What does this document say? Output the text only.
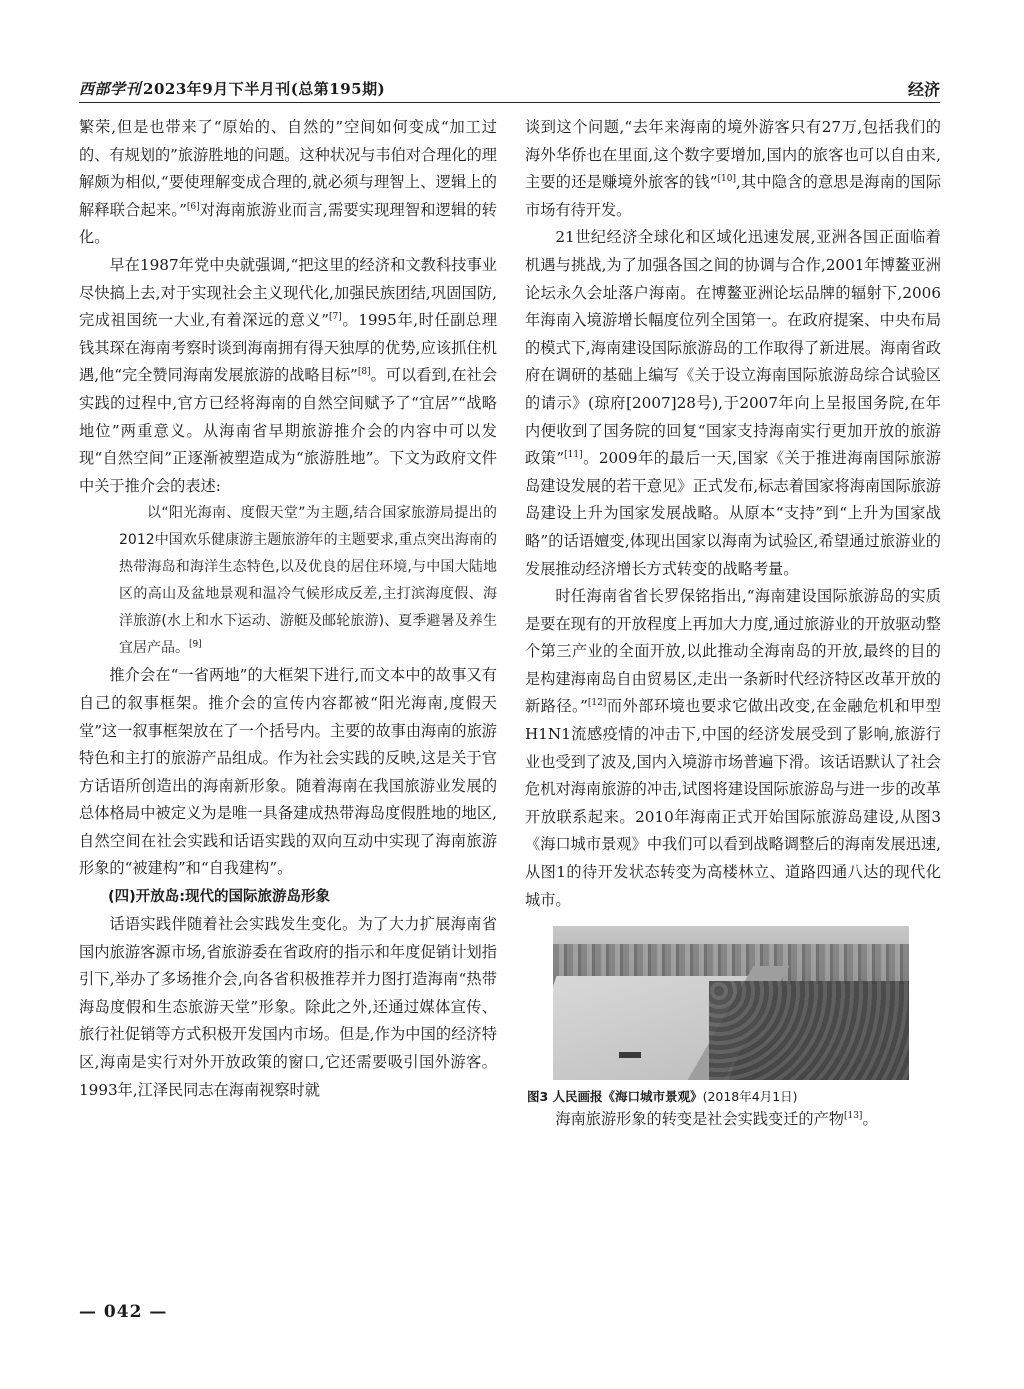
西部学刊 2023年9月下半月刊(总第195期)	经济

繁荣,但是也带来了“原始的、自然的”空间如何变成“加工过的、有规划的”旅游胜地的问题。这种状况与韦伯对合理化的理解颇为相似,“要使理解变成合理的,就必须与理智上、逻辑上的解释联合起来。”[6]对海南旅游业而言,需要实现理智和逻辑的转化。

早在1987年党中央就强调,“把这里的经济和文教科技事业尽快搞上去,对于实现社会主义现代化,加强民族团结,巩固国防,完成祖国统一大业,有着深远的意义”[7]。1995年,时任副总理钱其琛在海南考察时谈到海南拥有得天独厚的优势,应该抓住机遇,他“完全赞同海南发展旅游的战略目标”[8]。可以看到,在社会实践的过程中,官方已经将海南的自然空间赋予了“宜居”“战略地位”两重意义。从海南省早期旅游推介会的内容中可以发现“自然空间”正逐渐被塑造成为“旅游胜地”。下文为政府文件中关于推介会的表述:

以“阳光海南、度假天堂”为主题,结合国家旅游局提出的2012中国欢乐健康游主题旅游年的主题要求,重点突出海南的热带海岛和海洋生态特色,以及优良的居住环境,与中国大陆地区的高山及盆地景观和温冷气候形成反差,主打滨海度假、海洋旅游(水上和水下运动、游艇及邮轮旅游)、夏季避暑及养生宜居产品。[9]

推介会在“一省两地”的大框架下进行,而文本中的故事又有自己的叙事框架。推介会的宣传内容都被“阳光海南,度假天堂”这一叙事框架放在了一个括号内。主要的故事由海南的旅游特色和主打的旅游产品组成。作为社会实践的反映,这是关于官方话语所创造出的海南新形象。随着海南在我国旅游业发展的总体格局中被定义为是唯一具备建成热带海岛度假胜地的地区,自然空间在社会实践和话语实践的双向互动中实现了海南旅游形象的“被建构”和“自我建构”。

(四)开放岛:现代的国际旅游岛形象

话语实践伴随着社会实践发生变化。为了大力扩展海南省国内旅游客源市场,省旅游委在省政府的指示和年度促销计划指引下,举办了多场推介会,向各省积极推荐并力图打造海南“热带海岛度假和生态旅游天堂”形象。除此之外,还通过媒体宣传、旅行社促销等方式积极开发国内市场。但是,作为中国的经济特区,海南是实行对外开放政策的窗口,它还需要吸引国外游客。1993年,江泽民同志在海南视察时就

谈到这个问题,“去年来海南的境外游客只有27万,包括我们的海外华侨也在里面,这个数字要增加,国内的旅客也可以自由来,主要的还是赚境外旅客的钱”[10],其中隐含的意思是海南的国际市场有待开发。

21世纪经济全球化和区域化迅速发展,亚洲各国正面临着机遇与挑战,为了加强各国之间的协调与合作,2001年博鳌亚洲论坛永久会址落户海南。在博鳌亚洲论坛品牌的辐射下,2006年海南入境游增长幅度位列全国第一。在政府提案、中央布局的模式下,海南建设国际旅游岛的工作取得了新进展。海南省政府在调研的基础上编写《关于设立海南国际旅游岛综合试验区的请示》(琼府[2007]28号),于2007年向上呈报国务院,在年内便收到了国务院的回复“国家支持海南实行更加开放的旅游政策”[11]。2009年的最后一天,国家《关于推进海南国际旅游岛建设发展的若干意见》正式发布,标志着国家将海南国际旅游岛建设上升为国家发展战略。从原本“支持”到“上升为国家战略”的话语嬗变,体现出国家以海南为试验区,希望通过旅游业的发展推动经济增长方式转变的战略考量。

时任海南省省长罗保铭指出,“海南建设国际旅游岛的实质是要在现有的开放程度上再加大力度,通过旅游业的开放驱动整个第三产业的全面开放,以此推动全海南岛的开放,最终的目的是构建海南岛自由贸易区,走出一条新时代经济特区改革开放的新路径。”[12]而外部环境也要求它做出改变,在金融危机和甲型H1N1流感疫情的冲击下,中国的经济发展受到了影响,旅游行业也受到了波及,国内入境游市场普遍下滑。该话语默认了社会危机对海南旅游的冲击,试图将建设国际旅游岛与进一步的改革开放联系起来。2010年海南正式开始国际旅游岛建设,从图3《海口城市景观》中我们可以看到战略调整后的海南发展迅速,从图1的待开发状态转变为高楼林立、道路四通八达的现代化城市。

图3 人民画报《海口城市景观》(2018年4月1日)

海南旅游形象的转变是社会实践变迁的产物[13]。

— 042 —
